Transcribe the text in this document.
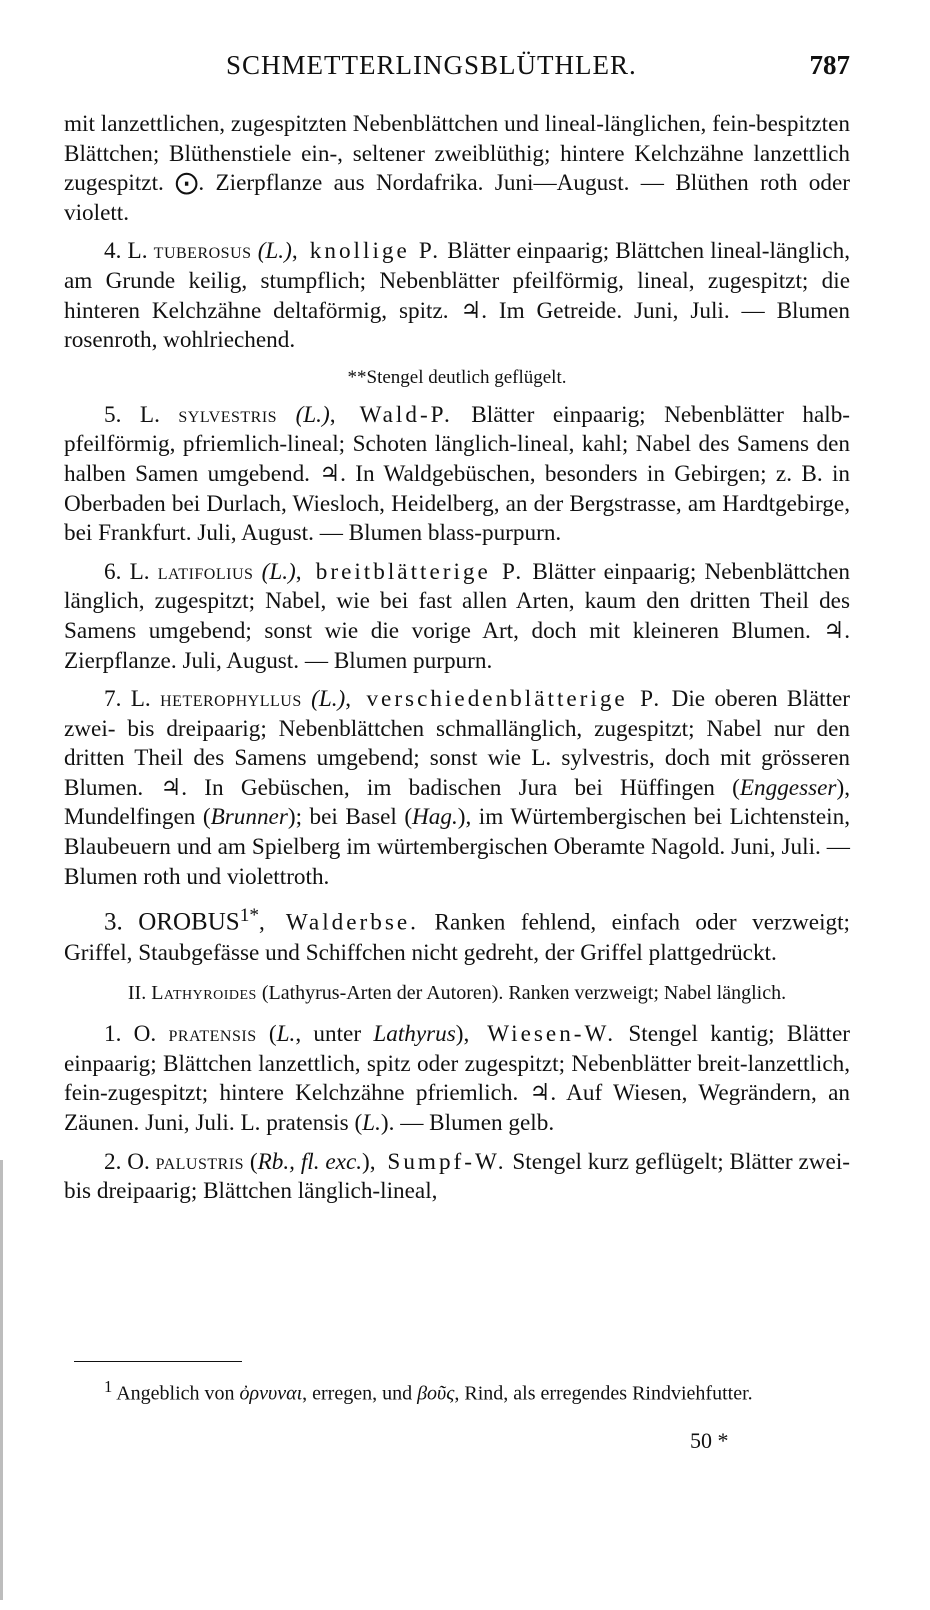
SCHMETTERLINGSBLÜTHLER.	787

mit lanzettlichen, zugespitzten Nebenblättchen und lineal-länglichen, fein-bespitzten Blättchen; Blüthenstiele ein-, seltener zweiblüthig; hintere Kelchzähne lanzettlich zugespitzt. ⨀. Zierpflanze aus Nordafrika. Juni—August. — Blüthen roth oder violett.

4. L. tuberosus (L.), knollige P. Blätter einpaarig; Blättchen lineal-länglich, am Grunde keilig, stumpflich; Nebenblätter pfeilförmig, lineal, zugespitzt; die hinteren Kelchzähne deltaförmig, spitz. ♃. Im Getreide. Juni, Juli. — Blumen rosenroth, wohlriechend.

**Stengel deutlich geflügelt.

5. L. sylvestris (L.), Wald-P. Blätter einpaarig; Nebenblätter halb-pfeilförmig, pfriemlich-lineal; Schoten länglich-lineal, kahl; Nabel des Samens den halben Samen umgebend. ♃. In Waldgebüschen, besonders in Gebirgen; z. B. in Oberbaden bei Durlach, Wiesloch, Heidelberg, an der Bergstrasse, am Hardtgebirge, bei Frankfurt. Juli, August. — Blumen blass-purpurn.

6. L. latifolius (L.), breitblätterige P. Blätter einpaarig; Nebenblättchen länglich, zugespitzt; Nabel, wie bei fast allen Arten, kaum den dritten Theil des Samens umgebend; sonst wie die vorige Art, doch mit kleineren Blumen. ♃. Zierpflanze. Juli, August. — Blumen purpurn.

7. L. heterophyllus (L.), verschiedenblätterige P. Die oberen Blätter zwei- bis dreipaarig; Nebenblättchen schmallänglich, zugespitzt; Nabel nur den dritten Theil des Samens umgebend; sonst wie L. sylvestris, doch mit grösseren Blumen. ♃. In Gebüschen, im badischen Jura bei Hüffingen (Enggesser), Mundelfingen (Brunner); bei Basel (Hag.), im Würtembergischen bei Lichtenstein, Blaubeuern und am Spielberg im würtembergischen Oberamte Nagold. Juni, Juli. — Blumen roth und violettroth.

3. $OROBUS^{1*}$, Walderbse. Ranken fehlend, einfach oder verzweigt; Griffel, Staubgefässe und Schiffchen nicht gedreht, der Griffel plattgedrückt.

II. Lathyroides (Lathyrus-Arten der Autoren). Ranken verzweigt; Nabel länglich.

1. O. pratensis (L., unter Lathyrus), Wiesen-W. Stengel kantig; Blätter einpaarig; Blättchen lanzettlich, spitz oder zugespitzt; Nebenblätter breit-lanzettlich, fein-zugespitzt; hintere Kelchzähne pfriemlich. ♃. Auf Wiesen, Wegrändern, an Zäunen. Juni, Juli. L. pratensis (L.). — Blumen gelb.

2. O. palustris (Rb., fl. exc.), Sumpf-W. Stengel kurz geflügelt; Blätter zwei- bis dreipaarig; Blättchen länglich-lineal,

$^1$ Angeblich von ὀρνυναι, erregen, und βοῦς, Rind, als erregendes Rindviehfutter.
50 *
